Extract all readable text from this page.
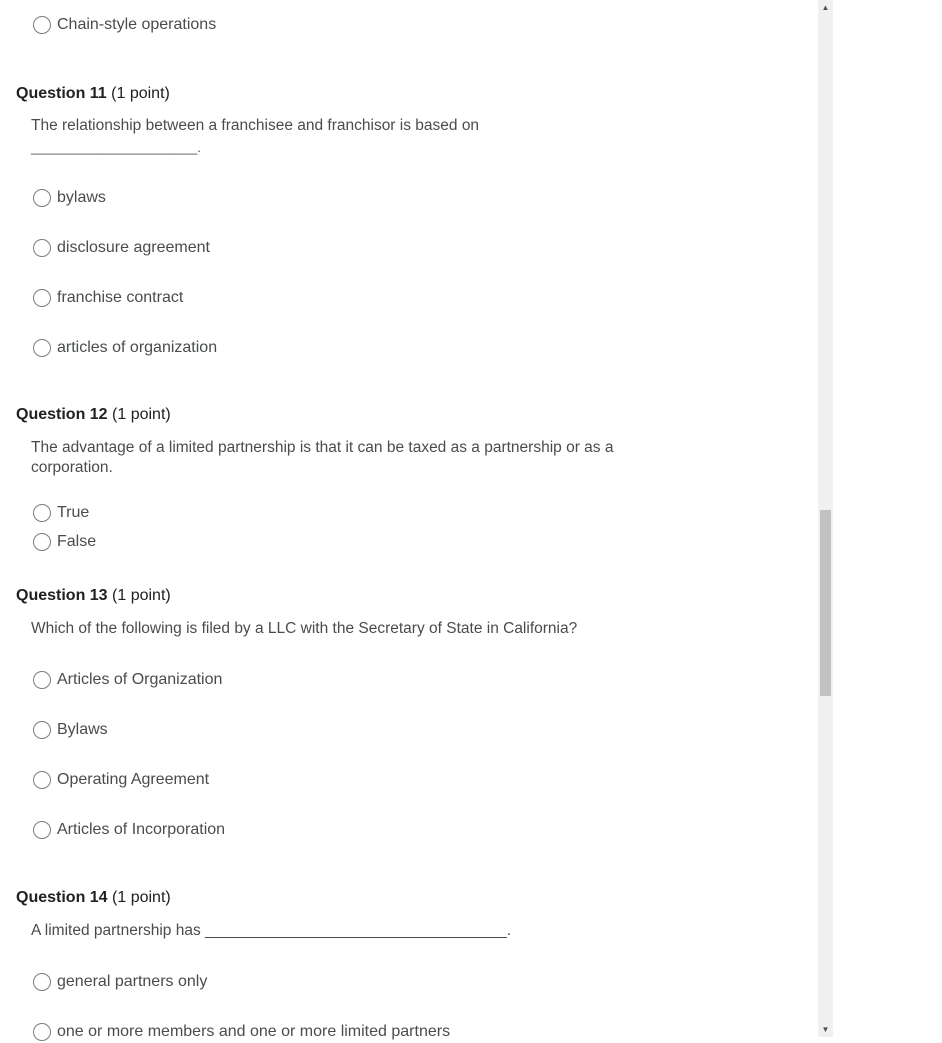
Chain-style operations
Question 11 (1 point)
The relationship between a franchisee and franchisor is based on
_______________________.
bylaws
disclosure agreement
franchise contract
articles of organization
Question 12 (1 point)
The advantage of a limited partnership is that it can be taxed as a partnership or as a corporation.
True
False
Question 13 (1 point)
Which of the following is filed by a LLC with the Secretary of State in California?
Articles of Organization
Bylaws
Operating Agreement
Articles of Incorporation
Question 14 (1 point)
A limited partnership has ___________________________________.
general partners only
one or more members and one or more limited partners
▲
▼
